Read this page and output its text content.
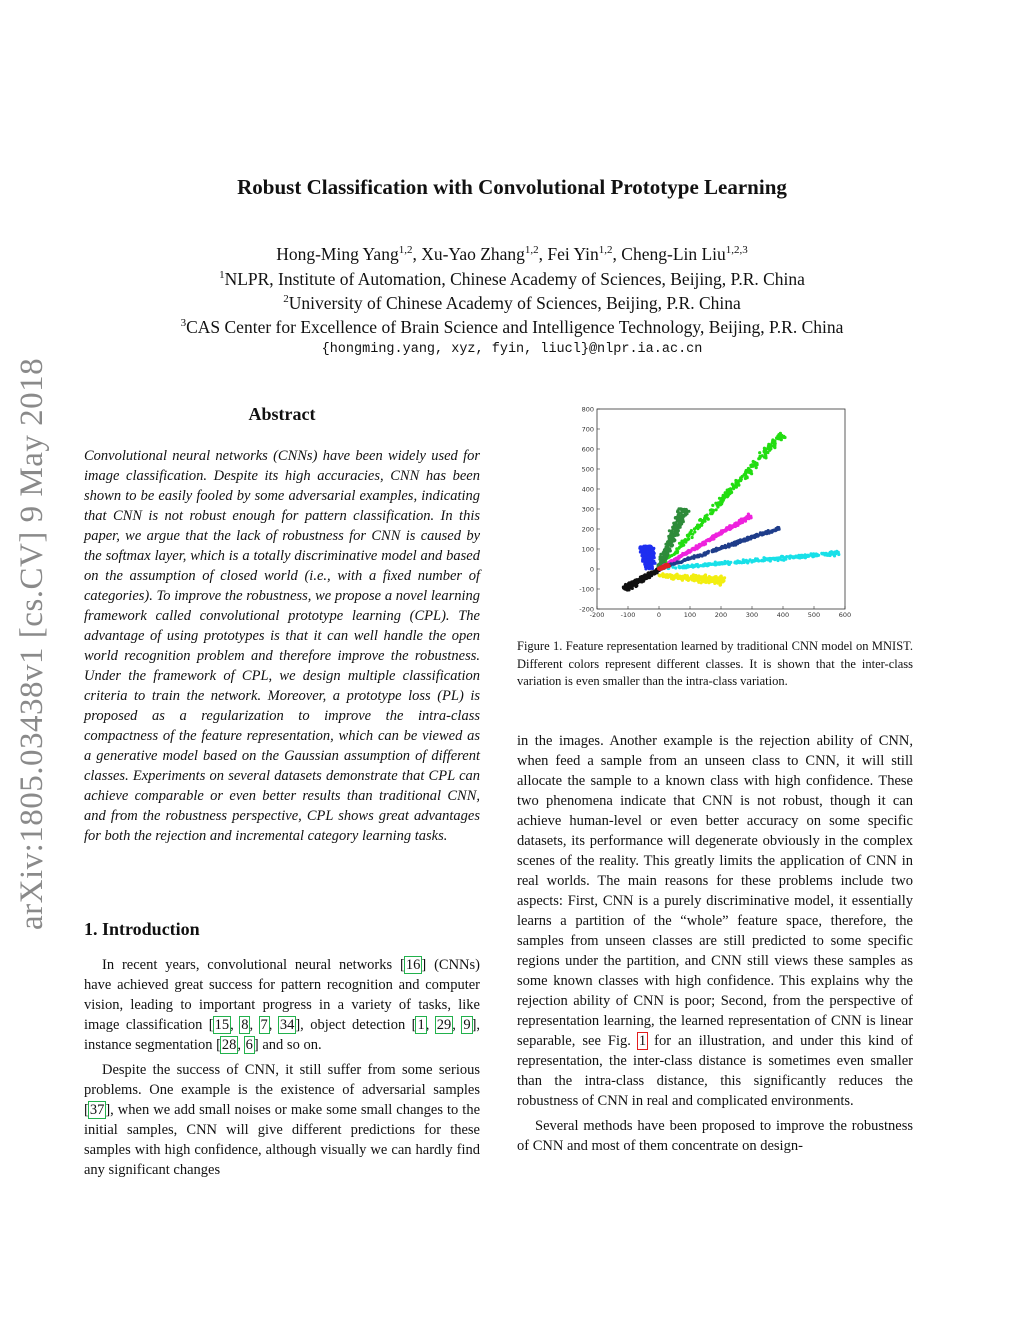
arXiv:1805.03438v1 [cs.CV] 9 May 2018
Robust Classification with Convolutional Prototype Learning
Hong-Ming Yang$^{1,2}$, Xu-Yao Zhang$^{1,2}$, Fei Yin$^{1,2}$, Cheng-Lin Liu$^{1,2,3}$
$^1$NLPR, Institute of Automation, Chinese Academy of Sciences, Beijing, P.R. China
$^2$University of Chinese Academy of Sciences, Beijing, P.R. China
$^3$CAS Center for Excellence of Brain Science and Intelligence Technology, Beijing, P.R. China
{hongming.yang, xyz, fyin, liucl}@nlpr.ia.ac.cn
Abstract
Convolutional neural networks (CNNs) have been widely used for image classification. Despite its high accuracies, CNN has been shown to be easily fooled by some adversarial examples, indicating that CNN is not robust enough for pattern classification. In this paper, we argue that the lack of robustness for CNN is caused by the softmax layer, which is a totally discriminative model and based on the assumption of closed world (i.e., with a fixed number of categories). To improve the robustness, we propose a novel learning framework called convolutional prototype learning (CPL). The advantage of using prototypes is that it can well handle the open world recognition problem and therefore improve the robustness. Under the framework of CPL, we design multiple classification criteria to train the network. Moreover, a prototype loss (PL) is proposed as a regularization to improve the intra-class compactness of the feature representation, which can be viewed as a generative model based on the Gaussian assumption of different classes. Experiments on several datasets demonstrate that CPL can achieve comparable or even better results than traditional CNN, and from the robustness perspective, CPL shows great advantages for both the rejection and incremental category learning tasks.
1. Introduction

In recent years, convolutional neural networks [16] (CNNs) have achieved great success for pattern recognition and computer vision, leading to important progress in a variety of tasks, like image classification [15, 8, 7, 34], object detection [1, 29, 9], instance segmentation [28, 6] and so on.

Despite the success of CNN, it still suffer from some serious problems. One example is the existence of adversarial samples [37], when we add small noises or make some small changes to the initial samples, CNN will give different predictions for these samples with high confidence, although visually we can hardly find any significant changes

-200
-100
0
100
200
300
400
500
600
700
800
-200 -100	0	100	200	300	400	500	600
Figure 1. Feature representation learned by traditional CNN model on MNIST. Different colors represent different classes. It is shown that the inter-class variation is even smaller than the intra-class variation.

in the images. Another example is the rejection ability of CNN, when feed a sample from an unseen class to CNN, it will still allocate the sample to a known class with high confidence. These two phenomena indicate that CNN is not robust, though it can achieve human-level or even better accuracy on some specific datasets, its performance will degenerate obviously in the complex scenes of the reality. This greatly limits the application of CNN in real worlds. The main reasons for these problems include two aspects: First, CNN is a purely discriminative model, it essentially learns a partition of the “whole” feature space, therefore, the samples from unseen classes are still predicted to some specific regions under the partition, and CNN still views these samples as some known classes with high confidence. This explains why the rejection ability of CNN is poor; Second, from the perspective of representation learning, the learned representation of CNN is linear separable, see Fig. 1 for an illustration, and under this kind of representation, the inter-class distance is sometimes even smaller than the intra-class distance, this significantly reduces the robustness of CNN in real and complicated environments.

Several methods have been proposed to improve the robustness of CNN and most of them concentrate on design-
